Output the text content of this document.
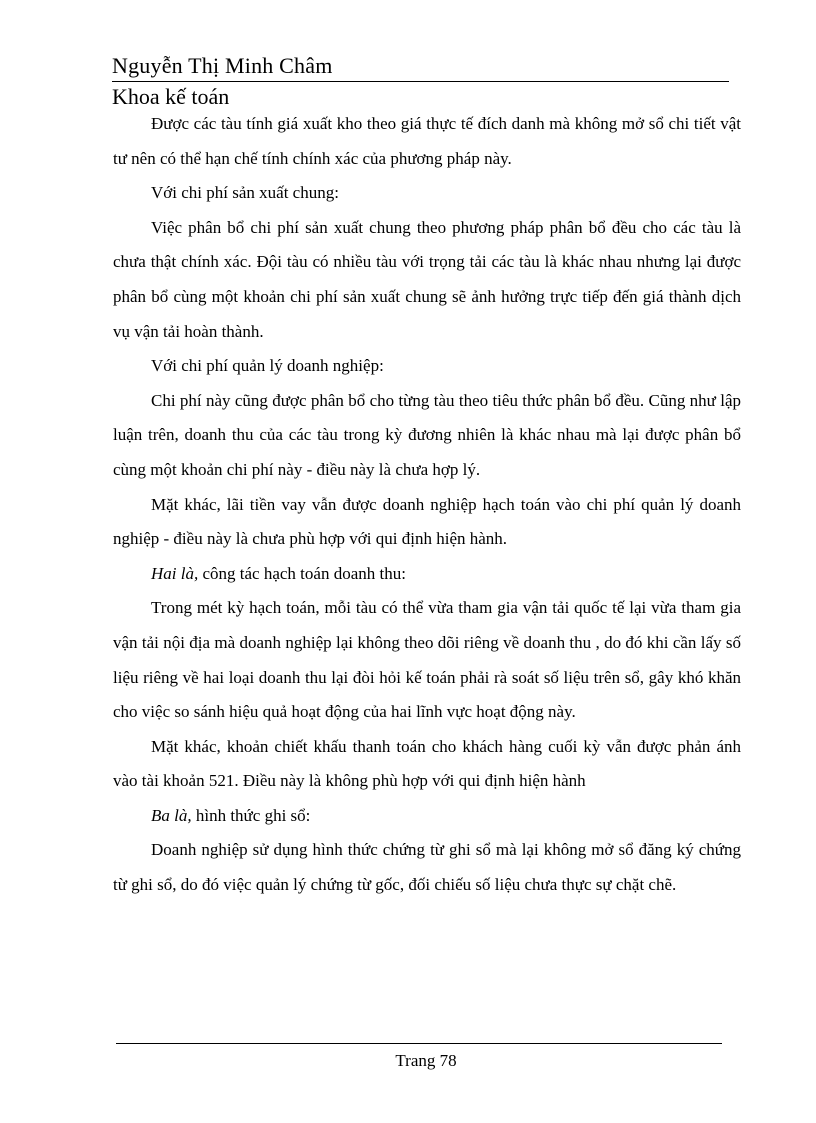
Nguyễn Thị Minh Châm
Khoa kế toán

Được các tàu tính giá xuất kho theo giá thực tế đích danh mà không mở sổ chi tiết vật tư nên có thể hạn chế tính chính xác của phương pháp này.

Với chi phí sản xuất chung:

Việc phân bổ chi phí sản xuất chung theo phương pháp phân bổ đều cho các tàu là chưa thật chính xác. Đội tàu có nhiều tàu với trọng tải các tàu là khác nhau nhưng lại được phân bổ cùng một khoản chi phí sản xuất chung sẽ ảnh hưởng trực tiếp đến giá thành dịch vụ vận tải hoàn thành.

Với chi phí quản lý doanh nghiệp:

Chi phí này cũng được phân bổ cho từng tàu theo tiêu thức phân bổ đều. Cũng như lập luận trên, doanh thu của các tàu trong kỳ đương nhiên là khác nhau mà lại được phân bổ cùng một khoản chi phí này - điều này là chưa hợp lý.

Mặt khác, lãi tiền vay vẫn được doanh nghiệp hạch toán vào chi phí quản lý doanh nghiệp - điều này là chưa phù hợp với qui định hiện hành.

Hai là, công tác hạch toán doanh thu:

Trong mét kỳ hạch toán, mỗi tàu có thể vừa tham gia vận tải quốc tế lại vừa tham gia vận tải nội địa mà doanh nghiệp lại không theo dõi riêng về doanh thu , do đó khi cần lấy số liệu riêng về hai loại doanh thu lại đòi hỏi kế toán phải rà soát số liệu trên sổ, gây khó khăn cho việc so sánh hiệu quả hoạt động của hai lĩnh vực hoạt động này.

Mặt khác, khoản chiết khấu thanh toán cho khách hàng cuối kỳ vẫn được phản ánh vào tài khoản 521. Điều này là không phù hợp với qui định hiện hành

Ba là, hình thức ghi sổ:

Doanh nghiệp sử dụng hình thức chứng từ ghi sổ mà lại không mở sổ đăng ký chứng từ ghi sổ, do đó việc quản lý chứng từ gốc, đối chiếu số liệu chưa thực sự chặt chẽ.

Trang 78
